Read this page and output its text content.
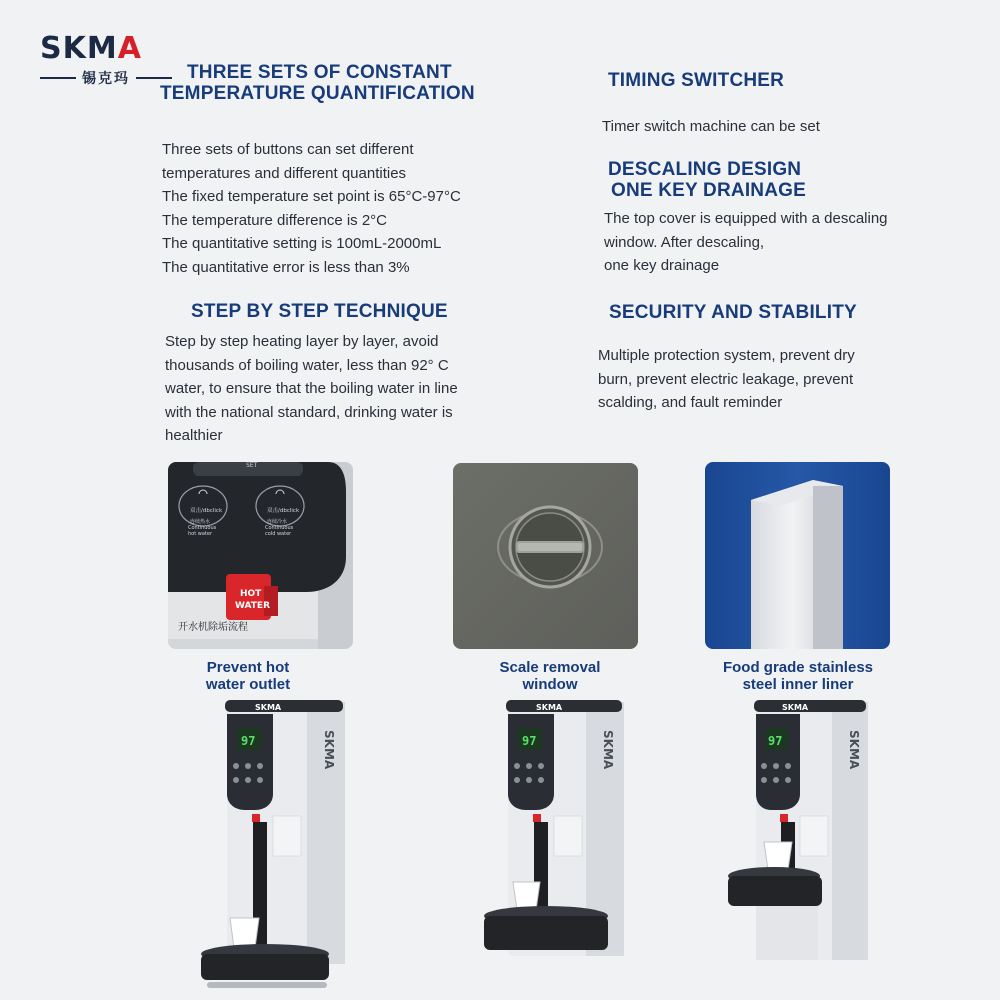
SKMA
锡克玛	THREE SETS OF CONSTANT
TEMPERATURE QUANTIFICATION
Three sets of buttons can set different
temperatures and different quantities
The fixed temperature set point is 65°C-97°C
The temperature difference is 2°C
The quantitative setting is 100mL-2000mL
The quantitative error is less than 3%
TIMING SWITCHER
Timer switch machine can be set
DESCALING DESIGN
ONE KEY DRAINAGE
The top cover is equipped with a descaling
window. After descaling,
one key drainage
STEP BY STEP TECHNIQUE
Step by step heating layer by layer, avoid
thousands of boiling water, less than 92° C
water, to ensure that the boiling water in line
with the national standard, drinking water is
healthier
SECURITY AND STABILITY
Multiple protection system, prevent dry
burn, prevent electric leakage, prevent
scalding, and fault reminder
SET
双击/dbclick	双击/dbclick
连续热水	连续冷水
Continuous	Continuous
hot water	cold water
HOT
WATER
开水机除垢流程
Prevent hot
water outlet
Scale removal
window
Food grade stainless
steel inner liner
SKMA
97	SKMA
SKMA
97	SKMA
SKMA
97	SKMA
